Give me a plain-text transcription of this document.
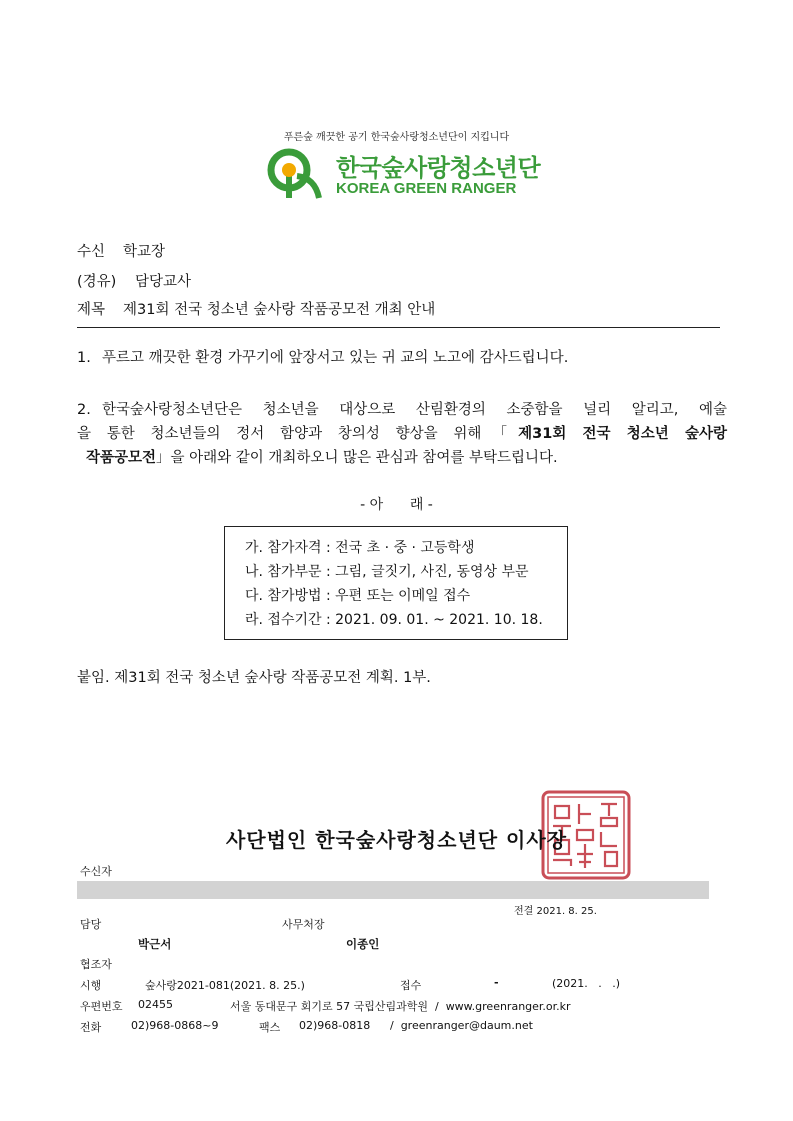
푸른숲 깨끗한 공기 한국숲사랑청소년단이 지킵니다
한국숲사랑청소년단
KOREA GREEN RANGER
수신 학교장
(경유) 담당교사
제목 제31회 전국 청소년 숲사랑 작품공모전 개최 안내
1. 푸르고 깨끗한 환경 가꾸기에 앞장서고 있는 귀 교의 노고에 감사드립니다.
2. 한국숲사랑청소년단은 청소년을 대상으로 산림환경의 소중함을 널리 알리고, 예술
을 통한 청소년들의 정서 함양과 창의성 향상을 위해「제31회 전국 청소년 숲사랑
작품공모전」을 아래와 같이 개최하오니 많은 관심과 참여를 부탁드립니다.
- 아      래 -
가. 참가자격 : 전국 초 · 중 · 고등학생
나. 참가부문 : 그림, 글짓기, 사진, 동영상 부문
다. 참가방법 : 우편 또는 이메일 접수
라. 접수기간 : 2021. 09. 01. ~ 2021. 10. 18.
붙임. 제31회 전국 청소년 숲사랑 작품공모전 계획. 1부.
사단법인 한국숲사랑청소년단 이사장
수신자
전결 2021. 8. 25.
담당	사무처장
박근서	이종인
협조자
시행	숲사랑2021-081(2021. 8. 25.)	접수	-	(2021.   .   .)
우편번호 02455	서울 동대문구 회기로 57 국립산림과학원  /  www.greenranger.or.kr
전화	02)968-0868~9	팩스 02)968-0818 /  greenranger@daum.net
